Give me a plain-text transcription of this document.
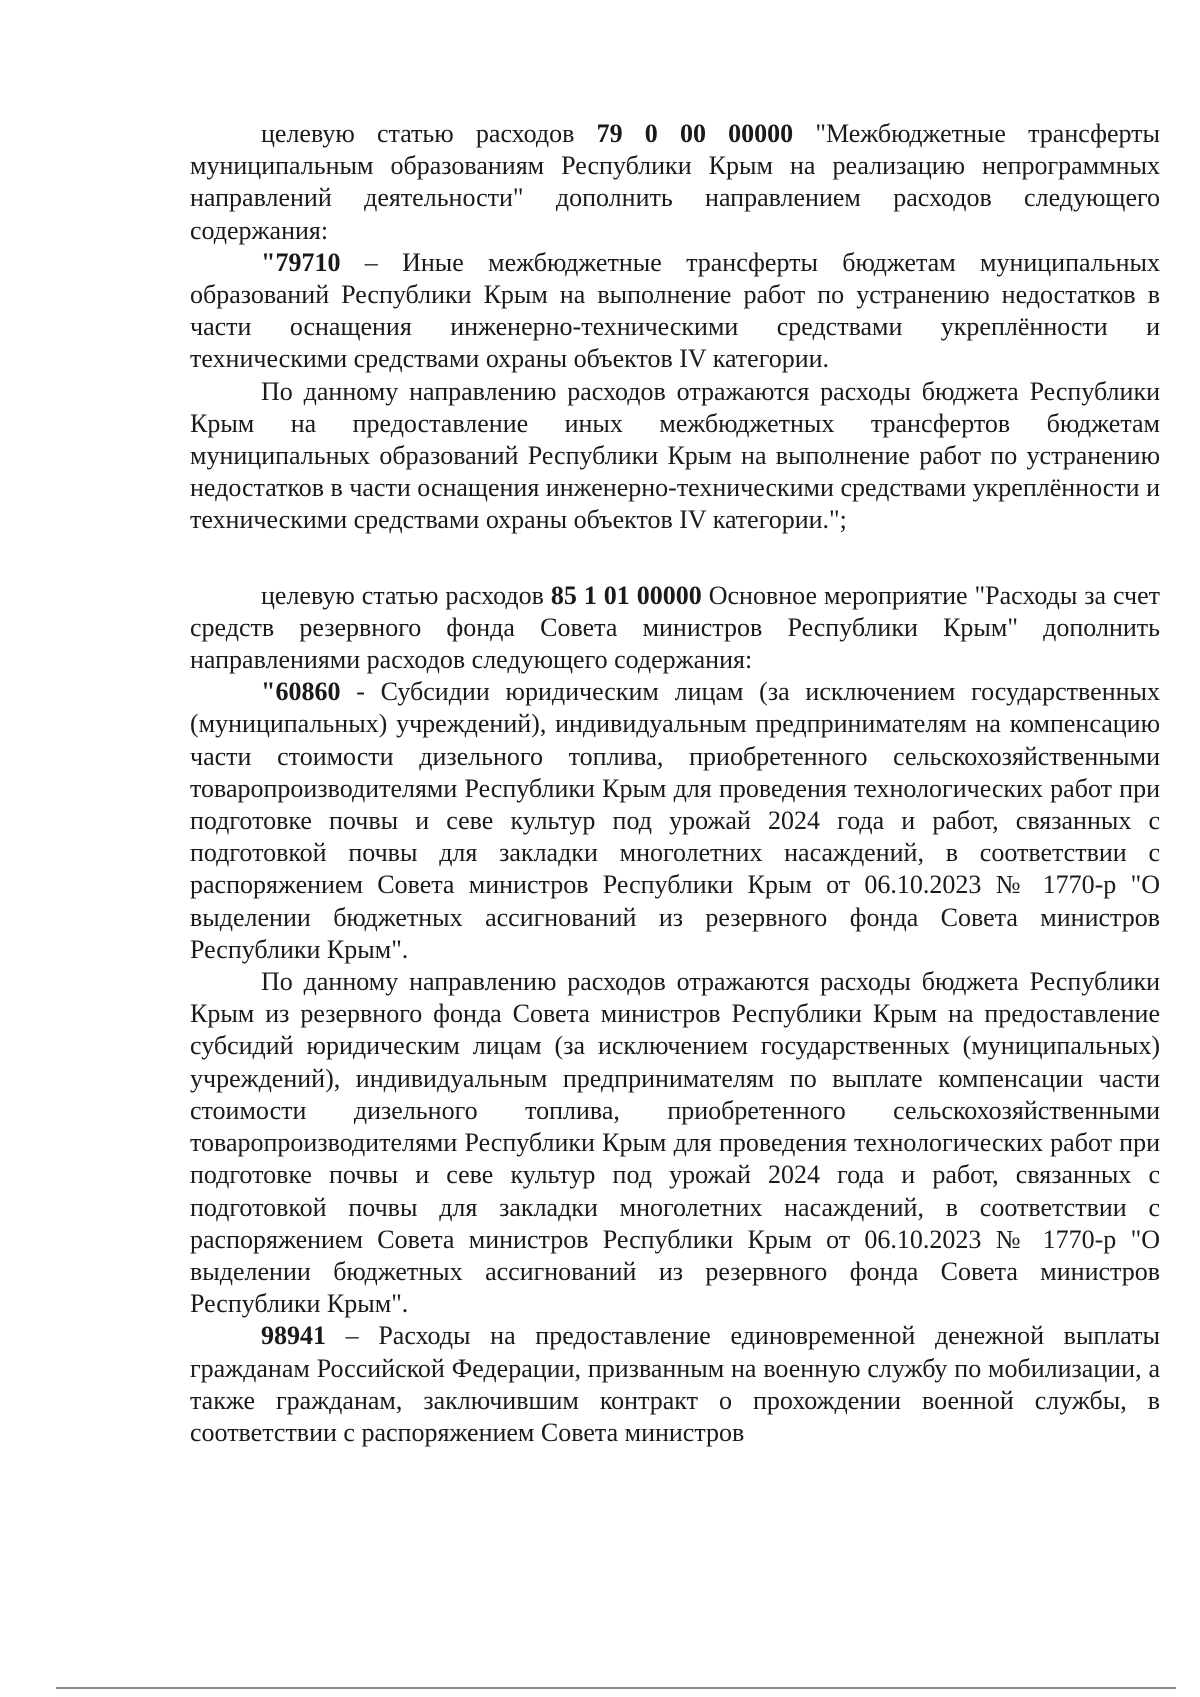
целевую статью расходов 79 0 00 00000 "Межбюджетные трансферты муниципальным образованиям Республики Крым на реализацию непрограммных направлений деятельности" дополнить направлением расходов следующего содержания:

"79710 – Иные межбюджетные трансферты бюджетам муниципальных образований Республики Крым на выполнение работ по устранению недостатков в части оснащения инженерно-техническими средствами укреплённости и техническими средствами охраны объектов IV категории.

По данному направлению расходов отражаются расходы бюджета Республики Крым на предоставление иных межбюджетных трансфертов бюджетам муниципальных образований Республики Крым на выполнение работ по устранению недостатков в части оснащения инженерно-техническими средствами укреплённости и техническими средствами охраны объектов IV категории.";

целевую статью расходов 85 1 01 00000 Основное мероприятие "Расходы за счет средств резервного фонда Совета министров Республики Крым" дополнить направлениями расходов следующего содержания:

"60860 - Субсидии юридическим лицам (за исключением государственных (муниципальных) учреждений), индивидуальным предпринимателям на компенсацию части стоимости дизельного топлива, приобретенного сельскохозяйственными товаропроизводителями Республики Крым для проведения технологических работ при подготовке почвы и севе культур под урожай 2024 года и работ, связанных с подготовкой почвы для закладки многолетних насаждений, в соответствии с распоряжением Совета министров Республики Крым от 06.10.2023 № 1770-р "О выделении бюджетных ассигнований из резервного фонда Совета министров Республики Крым".

По данному направлению расходов отражаются расходы бюджета Республики Крым из резервного фонда Совета министров Республики Крым на предоставление субсидий юридическим лицам (за исключением государственных (муниципальных) учреждений), индивидуальным предпринимателям по выплате компенсации части стоимости дизельного топлива, приобретенного сельскохозяйственными товаропроизводителями Республики Крым для проведения технологических работ при подготовке почвы и севе культур под урожай 2024 года и работ, связанных с подготовкой почвы для закладки многолетних насаждений, в соответствии с распоряжением Совета министров Республики Крым от 06.10.2023 № 1770-р "О выделении бюджетных ассигнований из резервного фонда Совета министров Республики Крым".

98941 – Расходы на предоставление единовременной денежной выплаты гражданам Российской Федерации, призванным на военную службу по мобилизации, а также гражданам, заключившим контракт о прохождении военной службы, в соответствии с распоряжением Совета министров
